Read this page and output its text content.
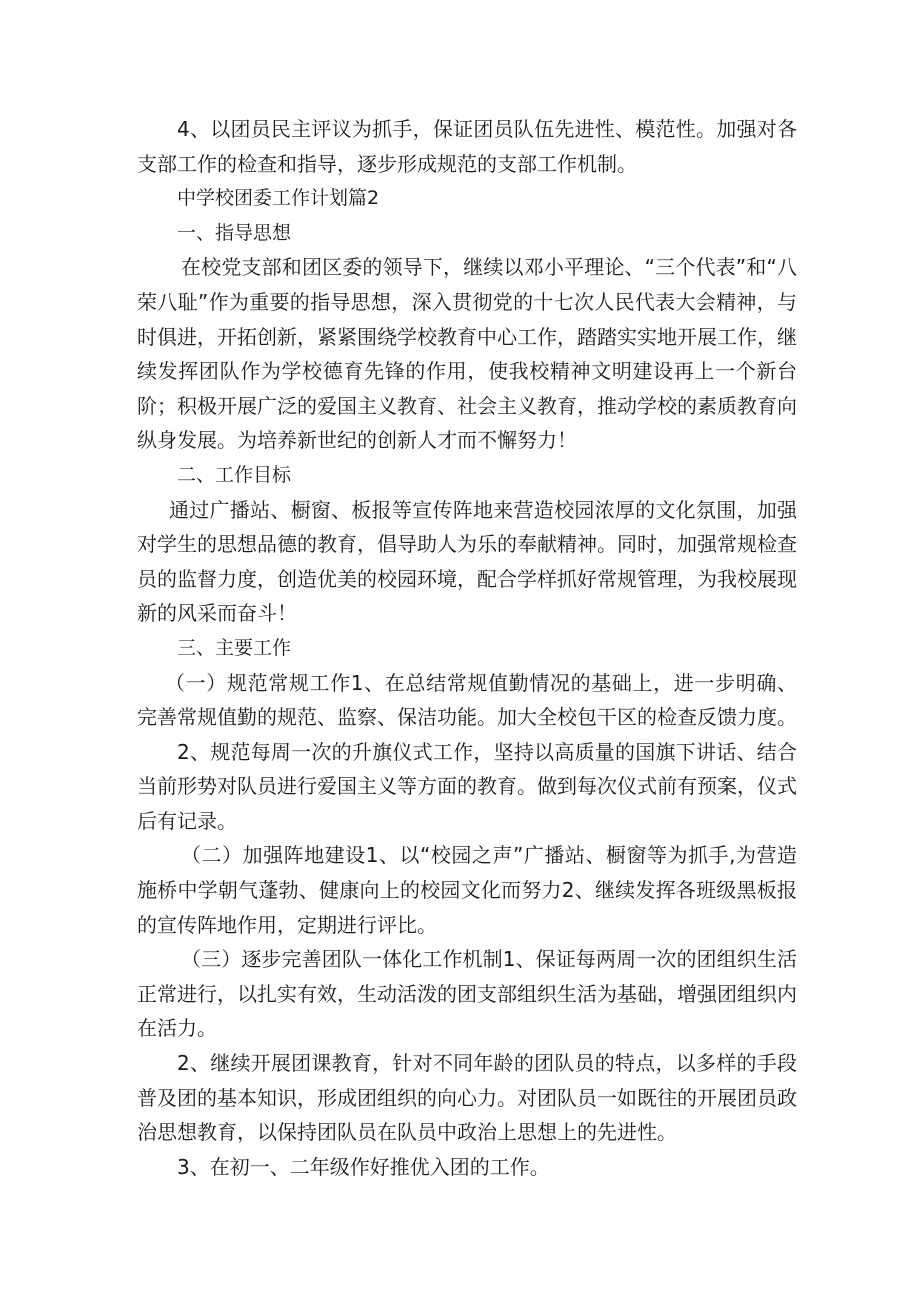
4、以团员民主评议为抓手，保证团员队伍先进性、模范性。加强对各支部工作的检查和指导，逐步形成规范的支部工作机制。

中学校团委工作计划篇2

一、指导思想

在校党支部和团区委的领导下，继续以邓小平理论、“三个代表”和“八荣八耻”作为重要的指导思想，深入贯彻党的十七次人民代表大会精神，与时俱进，开拓创新，紧紧围绕学校教育中心工作，踏踏实实地开展工作，继续发挥团队作为学校德育先锋的作用，使我校精神文明建设再上一个新台阶；积极开展广泛的爱国主义教育、社会主义教育，推动学校的素质教育向纵身发展。为培养新世纪的创新人才而不懈努力！

二、工作目标

通过广播站、橱窗、板报等宣传阵地来营造校园浓厚的文化氛围，加强对学生的思想品德的教育，倡导助人为乐的奉献精神。同时，加强常规检查员的监督力度，创造优美的校园环境，配合学样抓好常规管理，为我校展现新的风采而奋斗！

三、主要工作

（一）规范常规工作1、在总结常规值勤情况的基础上，进一步明确、完善常规值勤的规范、监察、保洁功能。加大全校包干区的检查反馈力度。

2、规范每周一次的升旗仪式工作，坚持以高质量的国旗下讲话、结合当前形势对队员进行爱国主义等方面的教育。做到每次仪式前有预案，仪式后有记录。

（二）加强阵地建设1、以“校园之声”广播站、橱窗等为抓手,为营造施桥中学朝气蓬勃、健康向上的校园文化而努力2、继续发挥各班级黑板报的宣传阵地作用，定期进行评比。

（三）逐步完善团队一体化工作机制1、保证每两周一次的团组织生活正常进行，以扎实有效，生动活泼的团支部组织生活为基础，增强团组织内在活力。

2、继续开展团课教育，针对不同年龄的团队员的特点，以多样的手段普及团的基本知识，形成团组织的向心力。对团队员一如既往的开展团员政治思想教育，以保持团队员在队员中政治上思想上的先进性。

3、在初一、二年级作好推优入团的工作。
